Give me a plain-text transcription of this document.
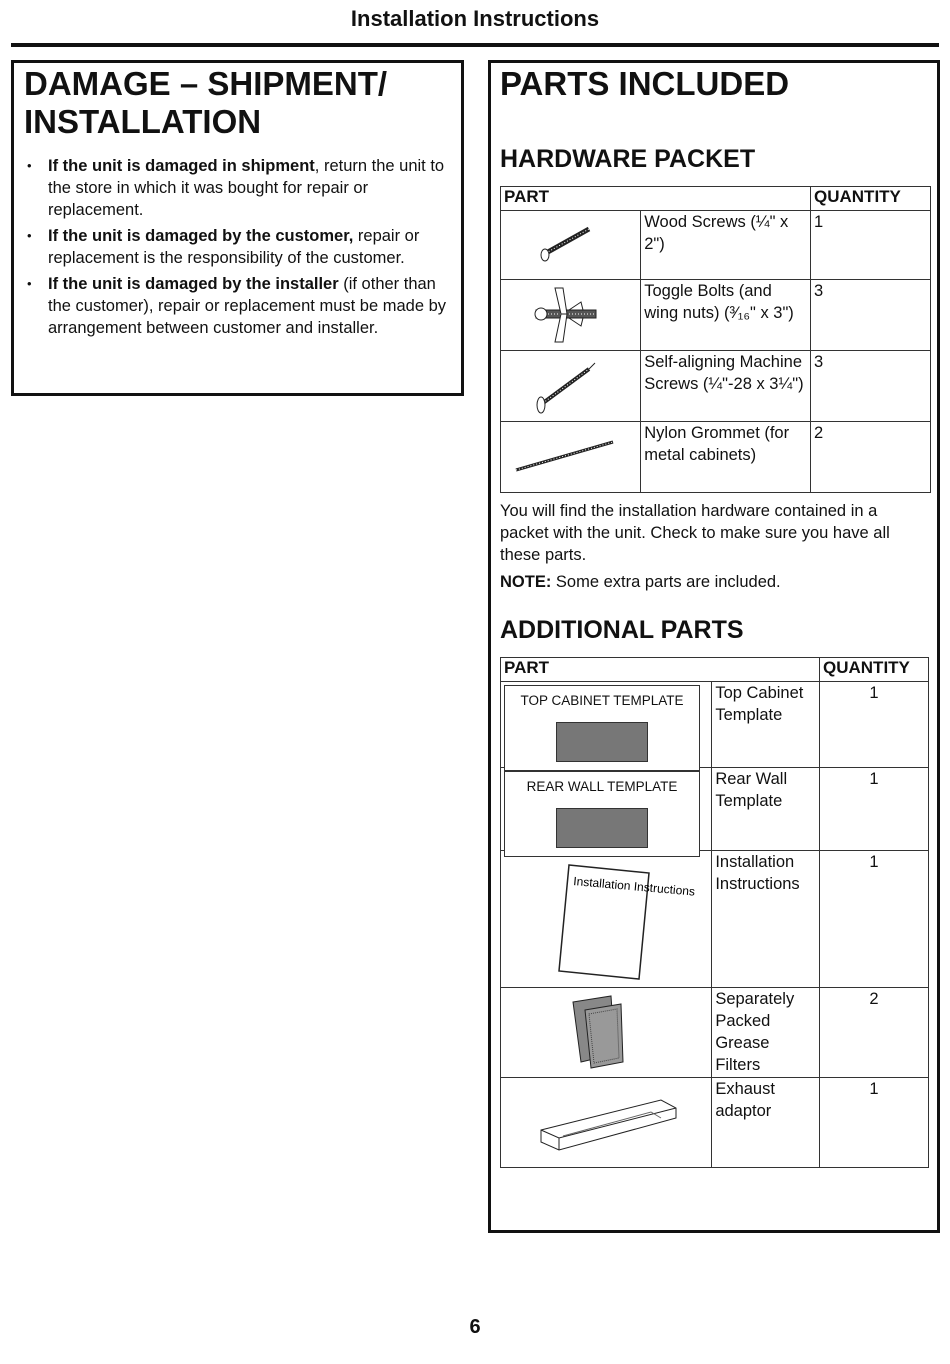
Installation Instructions
DAMAGE – SHIPMENT/ INSTALLATION
• If the unit is damaged in shipment, return the unit to the store in which it was bought for repair or replacement.
• If the unit is damaged by the customer, repair or replacement is the responsibility of the customer.
• If the unit is damaged by the installer (if other than the customer), repair or replacement must be made by arrangement between customer and installer.
PARTS INCLUDED
HARDWARE PACKET
PART		QUANTITY

	Wood Screws (¼" x 2")	1

	Toggle Bolts (and wing nuts) (³⁄₁₆" x 3")	3

	Self-aligning Machine Screws (¼"-28 x 3¼")	3

	Nylon Grommet (for metal cabinets)	2
You will find the installation hardware contained in a packet with the unit. Check to make sure you have all these parts.
NOTE: Some extra parts are included.
ADDITIONAL PARTS
PART		QUANTITY

TOP CABINET TEMPLATE	Top Cabinet Template	1

REAR WALL TEMPLATE	Rear Wall Template	1

Installation Instructions	Installation Instructions	1

	Separately Packed Grease Filters	2

	Exhaust adaptor	1
6
